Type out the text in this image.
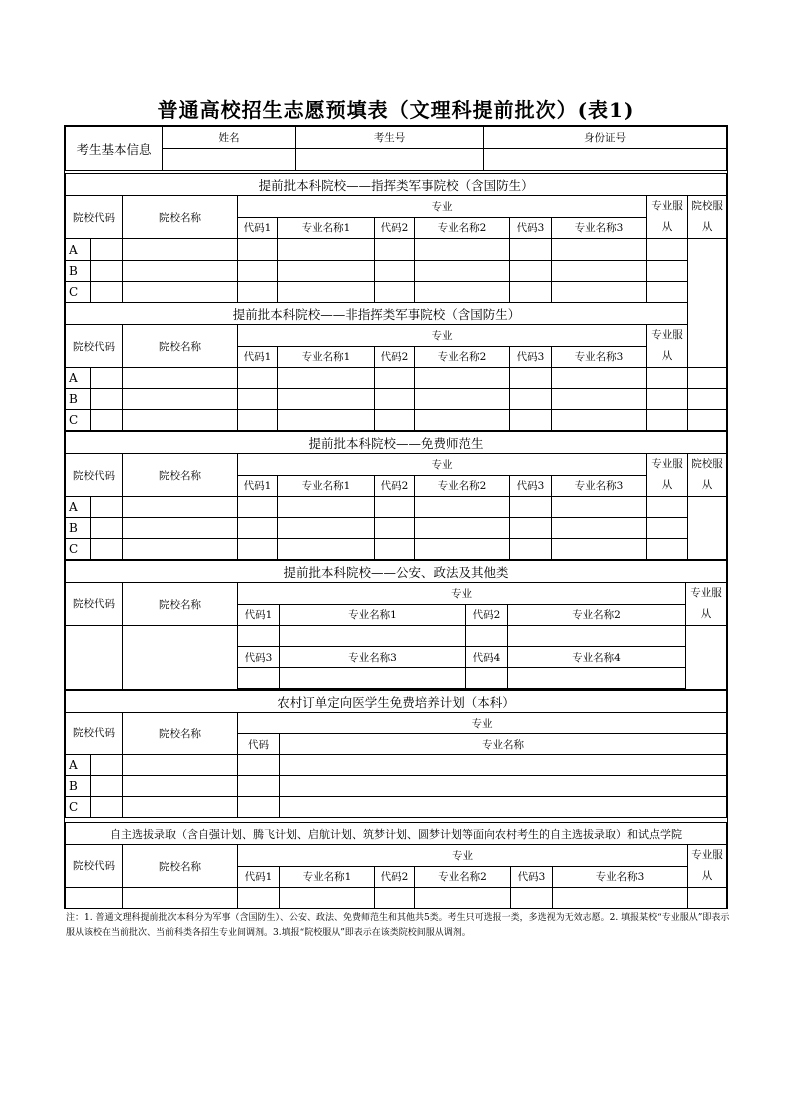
普通高校招生志愿预填表（文理科提前批次）(表1)
考生基本信息	姓名	考生号	身份证号

提前批本科院校——指挥类军事院校（含国防生）										
院校代码		院校名称	专业						专业服从	院校服从
			代码1	专业名称1	代码2	专业名称2	代码3	专业名称3		
A										
B										
C										
提前批本科院校——非指挥类军事院校（含国防生）										
院校代码		院校名称	专业						专业服从	
			代码1	专业名称1	代码2	专业名称2	代码3	专业名称3		
A										
B										
C										
提前批本科院校——免费师范生										
院校代码		院校名称	专业						专业服从	院校服从
			代码1	专业名称1	代码2	专业名称2	代码3	专业名称3		
A										
B										
C										
提前批本科院校——公安、政法及其他类						
院校代码	院校名称	专业				专业服从
		代码1	专业名称1	代码2	专业名称2	

		代码3	专业名称3	代码4	专业名称4	

农村订单定向医学生免费培养计划（本科）				
院校代码		院校名称	专业	
			代码	专业名称
A				
B				
C				
自主选拔录取（含自强计划、腾飞计划、启航计划、筑梦计划、圆梦计划等面向农村考生的自主选拔录取）和试点学院								
院校代码	院校名称	专业						专业服从
		代码1	专业名称1	代码2	专业名称2	代码3	专业名称3	

注：1. 普通文理科提前批次本科分为军事（含国防生）、公安、政法、免费师范生和其他共5类。考生只可选报一类，多选视为无效志愿。2. 填报某校“专业服从”即表示服从该校在当前批次、当前科类各招生专业间调剂。3.填报“院校服从”即表示在该类院校间服从调剂。
